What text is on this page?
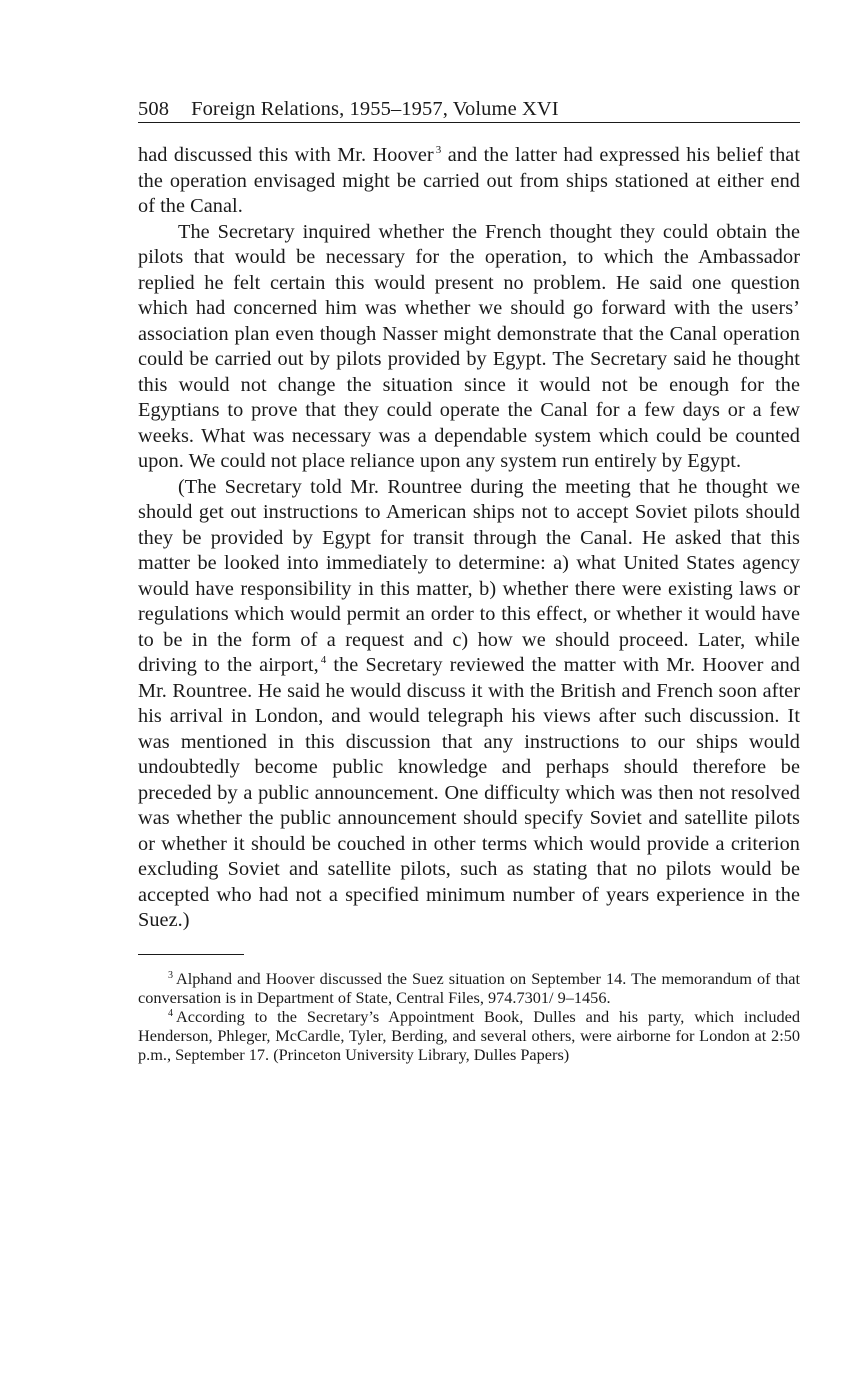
508 Foreign Relations, 1955–1957, Volume XVI

had discussed this with Mr. Hoover $^3$ and the latter had expressed his belief that the operation envisaged might be carried out from ships stationed at either end of the Canal.

The Secretary inquired whether the French thought they could obtain the pilots that would be necessary for the operation, to which the Ambassador replied he felt certain this would present no problem. He said one question which had concerned him was whether we should go forward with the users’ association plan even though Nasser might demonstrate that the Canal operation could be carried out by pilots provided by Egypt. The Secretary said he thought this would not change the situation since it would not be enough for the Egyptians to prove that they could operate the Canal for a few days or a few weeks. What was necessary was a dependable system which could be counted upon. We could not place reliance upon any system run entirely by Egypt.

(The Secretary told Mr. Rountree during the meeting that he thought we should get out instructions to American ships not to accept Soviet pilots should they be provided by Egypt for transit through the Canal. He asked that this matter be looked into immediately to determine: a) what United States agency would have responsibility in this matter, b) whether there were existing laws or regulations which would permit an order to this effect, or whether it would have to be in the form of a request and c) how we should proceed. Later, while driving to the airport, $^4$ the Secretary reviewed the matter with Mr. Hoover and Mr. Rountree. He said he would discuss it with the British and French soon after his arrival in London, and would telegraph his views after such discussion. It was mentioned in this discussion that any instructions to our ships would undoubtedly become public knowledge and perhaps should therefore be preceded by a public announcement. One difficulty which was then not resolved was whether the public announcement should specify Soviet and satellite pilots or whether it should be couched in other terms which would provide a criterion excluding Soviet and satellite pilots, such as stating that no pilots would be accepted who had not a specified minimum number of years experience in the Suez.)

$^3$ Alphand and Hoover discussed the Suez situation on September 14. The memorandum of that conversation is in Department of State, Central Files, 974.7301/ 9–1456.

$^4$ According to the Secretary’s Appointment Book, Dulles and his party, which included Henderson, Phleger, McCardle, Tyler, Berding, and several others, were airborne for London at 2:50 p.m., September 17. (Princeton University Library, Dulles Papers)
